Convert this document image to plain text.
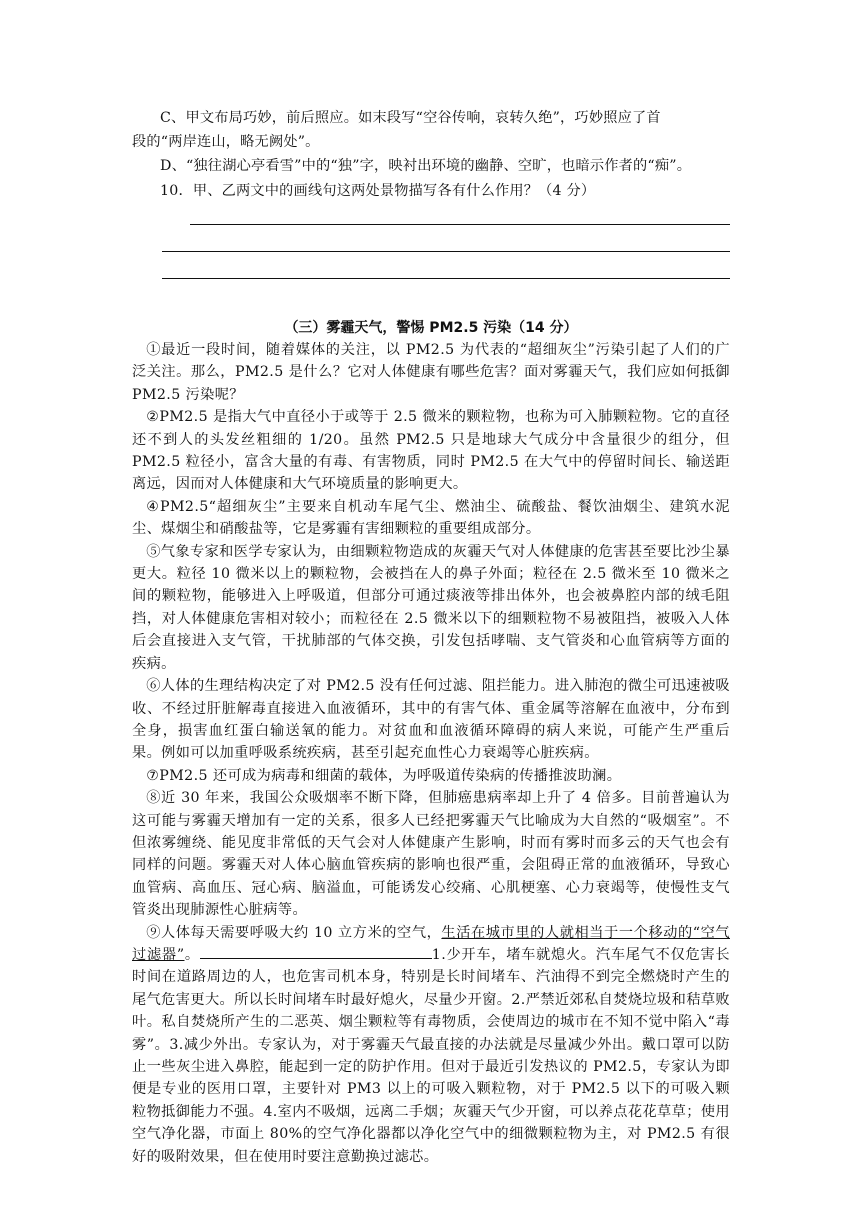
C、甲文布局巧妙，前后照应。如末段写“空谷传响，哀转久绝”，巧妙照应了首
段的“两岸连山，略无阙处”。
D、“独往湖心亭看雪”中的“独”字，映衬出环境的幽静、空旷，也暗示作者的“痴”。
10．甲、乙两文中的画线句这两处景物描写各有什么作用？（4 分）
（三）雾霾天气，警惕 PM2.5 污染（14 分）

①最近一段时间，随着媒体的关注，以 PM2.5 为代表的“超细灰尘”污染引起了人们的广泛关注。那么，PM2.5 是什么？它对人体健康有哪些危害？面对雾霾天气，我们应如何抵御 PM2.5 污染呢？

②PM2.5 是指大气中直径小于或等于 2.5 微米的颗粒物，也称为可入肺颗粒物。它的直径还不到人的头发丝粗细的 1/20。虽然 PM2.5 只是地球大气成分中含量很少的组分，但 PM2.5 粒径小，富含大量的有毒、有害物质，同时 PM2.5 在大气中的停留时间长、输送距离远，因而对人体健康和大气环境质量的影响更大。

④PM2.5“超细灰尘”主要来自机动车尾气尘、燃油尘、硫酸盐、餐饮油烟尘、建筑水泥尘、煤烟尘和硝酸盐等，它是雾霾有害细颗粒的重要组成部分。

⑤气象专家和医学专家认为，由细颗粒物造成的灰霾天气对人体健康的危害甚至要比沙尘暴更大。粒径 10 微米以上的颗粒物，会被挡在人的鼻子外面；粒径在 2.5 微米至 10 微米之间的颗粒物，能够进入上呼吸道，但部分可通过痰液等排出体外，也会被鼻腔内部的绒毛阻挡，对人体健康危害相对较小；而粒径在 2.5 微米以下的细颗粒物不易被阻挡，被吸入人体后会直接进入支气管，干扰肺部的气体交换，引发包括哮喘、支气管炎和心血管病等方面的疾病。

⑥人体的生理结构决定了对 PM2.5 没有任何过滤、阻拦能力。进入肺泡的微尘可迅速被吸收、不经过肝脏解毒直接进入血液循环，其中的有害气体、重金属等溶解在血液中，分布到全身，损害血红蛋白输送氧的能力。对贫血和血液循环障碍的病人来说，可能产生严重后果。例如可以加重呼吸系统疾病，甚至引起充血性心力衰竭等心脏疾病。

⑦PM2.5 还可成为病毒和细菌的载体，为呼吸道传染病的传播推波助澜。

⑧近 30 年来，我国公众吸烟率不断下降，但肺癌患病率却上升了 4 倍多。目前普遍认为这可能与雾霾天增加有一定的关系，很多人已经把雾霾天气比喻成为大自然的“吸烟室”。不但浓雾缠绕、能见度非常低的天气会对人体健康产生影响，时而有雾时而多云的天气也会有同样的问题。雾霾天对人体心脑血管疾病的影响也很严重，会阻碍正常的血液循环，导致心血管病、高血压、冠心病、脑溢血，可能诱发心绞痛、心肌梗塞、心力衰竭等，使慢性支气管炎出现肺源性心脏病等。

⑨人体每天需要呼吸大约 10 立方米的空气，生活在城市里的人就相当于一个移动的“空气过滤器”。	1.少开车，堵车就熄火。汽车尾气不仅危害长时间在道路周边的人，也危害司机本身，特别是长时间堵车、汽油得不到完全燃烧时产生的尾气危害更大。所以长时间堵车时最好熄火，尽量少开窗。2.严禁近郊私自焚烧垃圾和秸草败叶。私自焚烧所产生的二恶英、烟尘颗粒等有毒物质，会使周边的城市在不知不觉中陷入“毒雾”。3.减少外出。专家认为，对于雾霾天气最直接的办法就是尽量减少外出。戴口罩可以防止一些灰尘进入鼻腔，能起到一定的防护作用。但对于最近引发热议的 PM2.5，专家认为即便是专业的医用口罩，主要针对 PM3 以上的可吸入颗粒物，对于 PM2.5 以下的可吸入颗粒物抵御能力不强。4.室内不吸烟，远离二手烟；灰霾天气少开窗，可以养点花花草草；使用空气净化器，市面上 80%的空气净化器都以净化空气中的细微颗粒物为主，对 PM2.5 有很好的吸附效果，但在使用时要注意勤换过滤芯。
